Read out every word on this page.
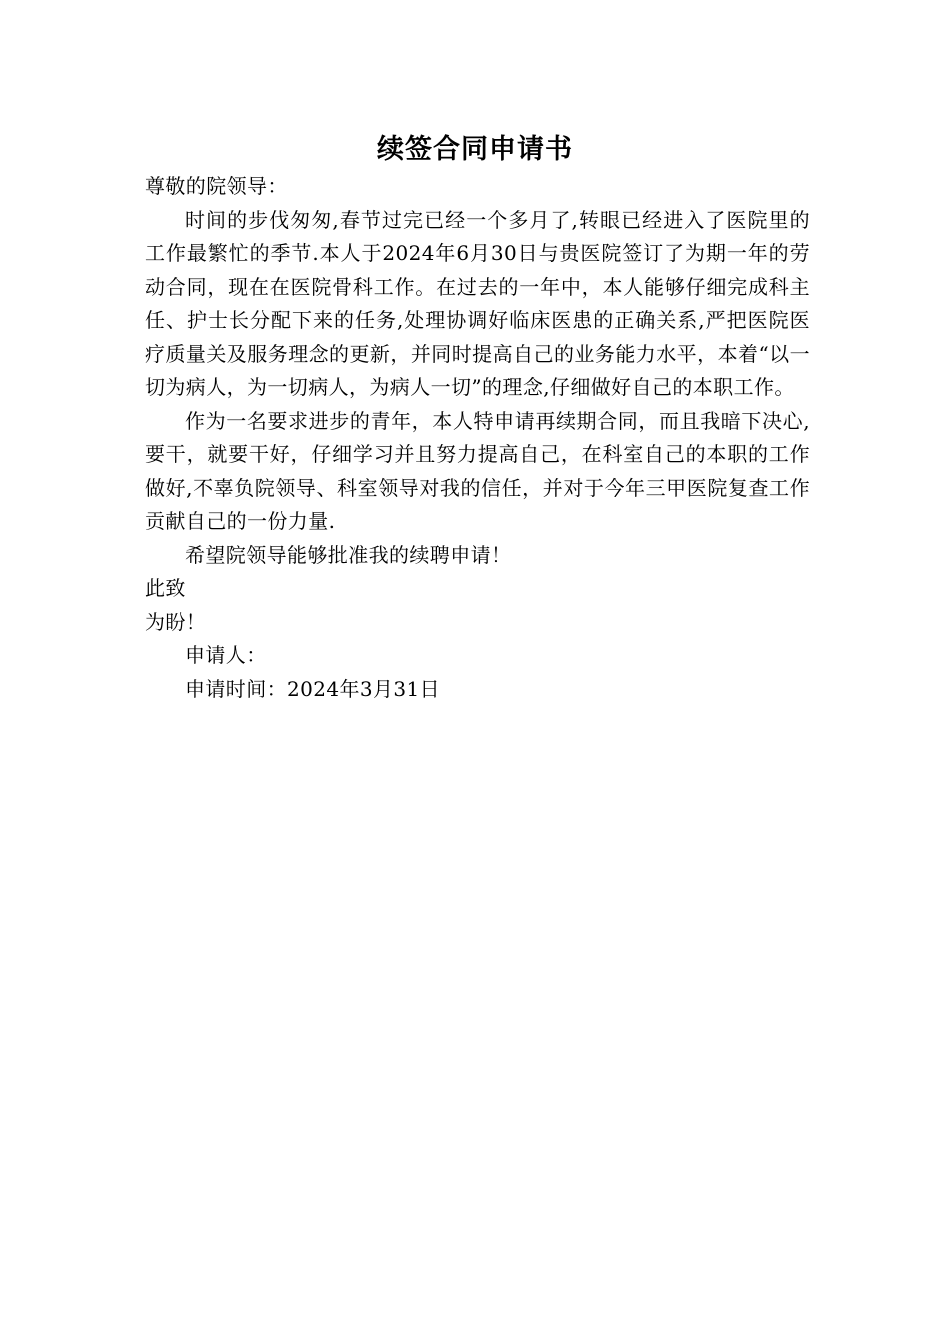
续签合同申请书

尊敬的院领导：

时间的步伐匆匆,春节过完已经一个多月了,转眼已经进入了医院里的工作最繁忙的季节.本人于2024年6月30日与贵医院签订了为期一年的劳动合同，现在在医院骨科工作。在过去的一年中，本人能够仔细完成科主任、护士长分配下来的任务,处理协调好临床医患的正确关系,严把医院医疗质量关及服务理念的更新，并同时提高自己的业务能力水平，本着“以一切为病人，为一切病人，为病人一切”的理念,仔细做好自己的本职工作。

作为一名要求进步的青年，本人特申请再续期合同，而且我暗下决心,要干，就要干好，仔细学习并且努力提高自己，在科室自己的本职的工作做好,不辜负院领导、科室领导对我的信任，并对于今年三甲医院复查工作贡献自己的一份力量.

希望院领导能够批准我的续聘申请！

此致

为盼！

申请人：

申请时间：2024年3月31日
